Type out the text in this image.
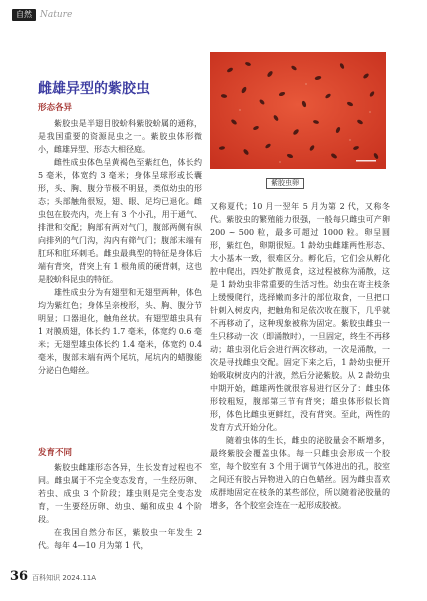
自然 Nature
雌雄异型的紫胶虫
形态各异

紫胶虫是半翅目胶蚧科紫胶蚧属的通称，是我国重要的资源昆虫之一。紫胶虫体形微小，雌雄异型、形态大相径庭。

雌性成虫体色呈黄褐色至紫红色，体长约 5 毫米，体宽约 3 毫米；身体呈球形或长囊形，头、胸、腹分节极不明显，类似幼虫的形态；头部触角很短，翅、眼、足均已退化。雌虫包在胶壳内，壳上有 3 个小孔，用于通气、排泄和交配；胸部有两对气门，腹部两侧有纵向排列的气门沟，沟内有筛气门；腹部末端有肛环和肛环刺毛。雌虫最典型的特征是身体后端有背突，背突上有 1 根角质的硬背刺，这也是胶蚧科昆虫的特征。

雄性成虫分为有翅型和无翅型两种，体色均为紫红色；身体呈亲梭形，头、胸、腹分节明显；口器退化，触角丝状。有翅型雄虫具有 1 对膜质翅，体长约 1.7 毫米，体宽约 0.6 毫米；无翅型雄虫体长约 1.4 毫米，体宽约 0.4 毫米，腹部末端有两个尾坑，尾坑内的蜡腺能分泌白色蜡丝。

发育不同

紫胶虫雌雄形态各异，生长发育过程也不同。雌虫属于不完全变态发育，一生经历卵、若虫、成虫 3 个阶段；雄虫则是完全变态发育，一生要经历卵、幼虫、蛹和成虫 4 个阶段。

在我国自然分布区，紫胶虫一年发生 2 代。每年 4—10 月为第 1 代，

紫胶虫卵

又称夏代；10 月一翌年 5 月为第 2 代，又称冬代。紫胶虫的繁殖能力很强，一般每只雌虫可产卵 200 ~ 500 粒，最多可超过 1000 粒。卵呈圆形，紫红色，卵期很短。1 龄幼虫雌雄两性形态、大小基本一致，很难区分。孵化后，它们会从孵化腔中爬出，四处扩散觅食，这过程被称为涌散，这是 1 龄幼虫非常重要的生活习性。幼虫在寄主枝条上缓慢爬行，选择嫩而多汁的部位取食，一旦把口针刺入树皮内，把触角和足依次收在腹下，几乎就不再移动了，这种现象被称为固定。紫胶虫雌虫一生只移动一次（即涌散时），一旦固定，终生不再移动；雄虫羽化后会进行两次移动，一次是涌散，一次是寻找雌虫交配。固定下来之后，1 龄幼虫便开始吸取树皮内的汁液，然后分泌紫胶。从 2 龄幼虫中期开始，雌雄两性就很容易进行区分了：雌虫体形较粗短，腹部第三节有背突；雄虫体形似长筒形，体色比雌虫更鲜红，没有背突。至此，两性的发育方式开始分化。

随着虫体的生长，雌虫的泌胶量会不断增多，最终紫胶会覆盖虫体。每一只雌虫会形成一个胶室，每个胶室有 3 个用于调节气体进出的孔，胶室之间还有胶占异物进入的白色蜡丝。因为雌虫喜欢成群地固定在枝条的某些部位，所以随着泌胶量的增多，各个胶室会连在一起形成胶被。

36 百科知识 2024.11A
